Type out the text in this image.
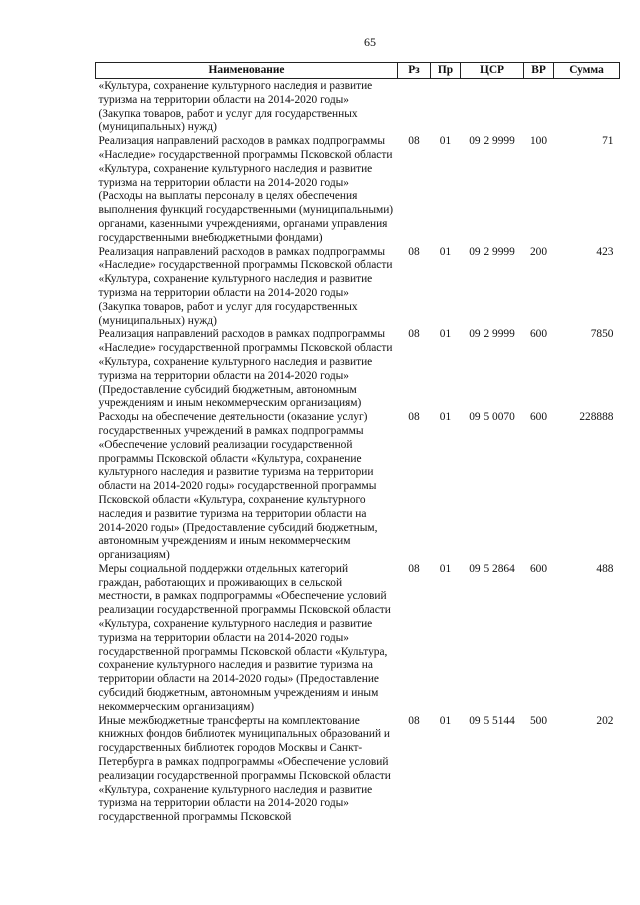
65
Наименование	Рз	Пр	ЦСР	ВР	Сумма
«Культура, сохранение культурного наследия и развитие туризма на территории области на 2014-2020 годы» (Закупка товаров, работ и услуг для государственных (муниципальных) нужд)					
Реализация направлений расходов в рамках подпрограммы «Наследие» государственной программы Псковской области «Культура, сохранение культурного наследия и развитие туризма на территории области на 2014-2020 годы» (Расходы на выплаты персоналу в целях обеспечения выполнения функций государственными (муниципальными) органами, казенными учреждениями, органами управления государственными внебюджетными фондами)	08	01	09 2 9999	100	71
Реализация направлений расходов в рамках подпрограммы «Наследие» государственной программы Псковской области «Культура, сохранение культурного наследия и развитие туризма на территории области на 2014-2020 годы» (Закупка товаров, работ и услуг для государственных (муниципальных) нужд)	08	01	09 2 9999	200	423
Реализация направлений расходов в рамках подпрограммы «Наследие» государственной программы Псковской области «Культура, сохранение культурного наследия и развитие туризма на территории области на 2014-2020 годы» (Предоставление субсидий бюджетным, автономным учреждениям и иным некоммерческим организациям)	08	01	09 2 9999	600	7850
Расходы на обеспечение деятельности (оказание услуг) государственных учреждений в рамках подпрограммы «Обеспечение условий реализации государственной программы Псковской области «Культура, сохранение культурного наследия и развитие туризма на территории области на 2014-2020 годы» государственной программы Псковской области «Культура, сохранение культурного наследия и развитие туризма на территории области на 2014-2020 годы» (Предоставление субсидий бюджетным, автономным учреждениям и иным некоммерческим организациям)	08	01	09 5 0070	600	228888
Меры социальной поддержки отдельных категорий граждан, работающих и проживающих в сельской местности, в рамках подпрограммы «Обеспечение условий реализации государственной программы Псковской области «Культура, сохранение культурного наследия и развитие туризма на территории области на 2014-2020 годы» государственной программы Псковской области «Культура, сохранение культурного наследия и развитие туризма на территории области на 2014-2020 годы» (Предоставление субсидий бюджетным, автономным учреждениям и иным некоммерческим организациям)	08	01	09 5 2864	600	488
Иные межбюджетные трансферты на комплектование книжных фондов библиотек муниципальных образований и государственных библиотек городов Москвы и Санкт-Петербурга в рамках подпрограммы «Обеспечение условий реализации государственной программы Псковской области «Культура, сохранение культурного наследия и развитие туризма на территории области на 2014-2020 годы» государственной программы Псковской	08	01	09 5 5144	500	202
